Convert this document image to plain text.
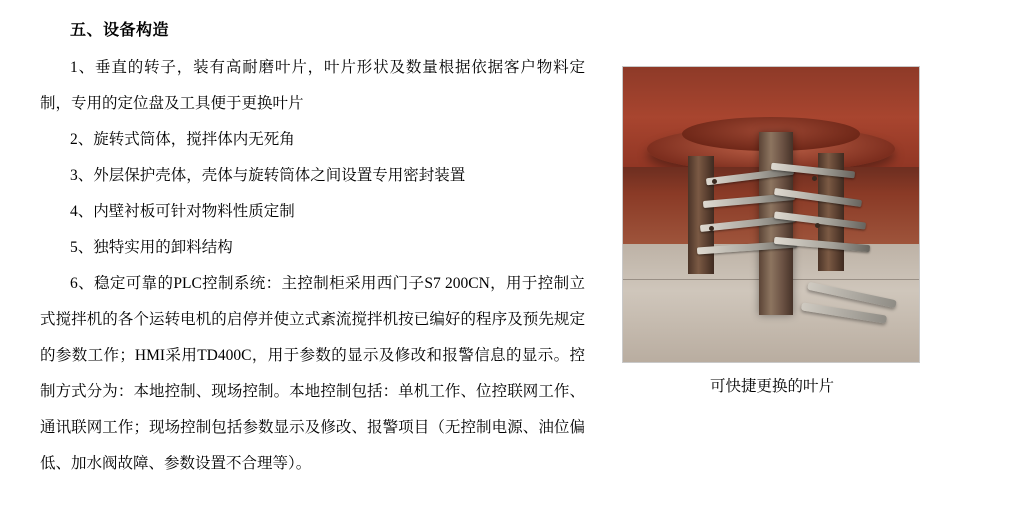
五、设备构造

1、垂直的转子，装有高耐磨叶片，叶片形状及数量根据依据客户物料定制，专用的定位盘及工具便于更换叶片

2、旋转式筒体，搅拌体内无死角

3、外层保护壳体，壳体与旋转筒体之间设置专用密封装置

4、内壁衬板可针对物料性质定制

5、独特实用的卸料结构

6、稳定可靠的PLC控制系统：主控制柜采用西门子S7 200CN，用于控制立式搅拌机的各个运转电机的启停并使立式紊流搅拌机按已编好的程序及预先规定的参数工作；HMI采用TD400C，用于参数的显示及修改和报警信息的显示。控制方式分为：本地控制、现场控制。本地控制包括：单机工作、位控联网工作、通讯联网工作；现场控制包括参数显示及修改、报警项目（无控制电源、油位偏低、加水阀故障、参数设置不合理等）。

可快捷更换的叶片
